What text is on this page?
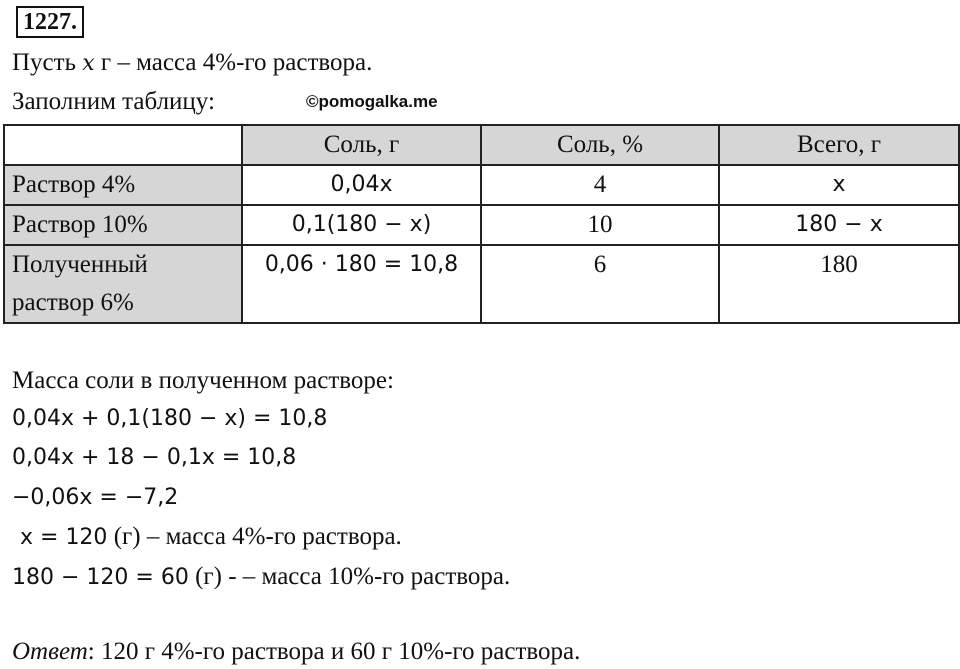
1227.
Пусть x г – масса 4%-го раствора.
Заполним таблицу:	©pomogalka.me
	Соль, г	Соль, %	Всего, г
Раствор 4%	0,04x	4	x
Раствор 10%	0,1(180 − x)	10	180 − x

Полученный
раствор 6%	0,06 · 180 = 10,8	6	180
Масса соли в полученном растворе:
0,04x + 0,1(180 − x) = 10,8
0,04x + 18 − 0,1x = 10,8
−0,06x = −7,2
x = 120 (г) – масса 4%-го раствора.
180 − 120 = 60 (г) - – масса 10%-го раствора.
Ответ: 120 г 4%-го раствора и 60 г 10%-го раствора.
